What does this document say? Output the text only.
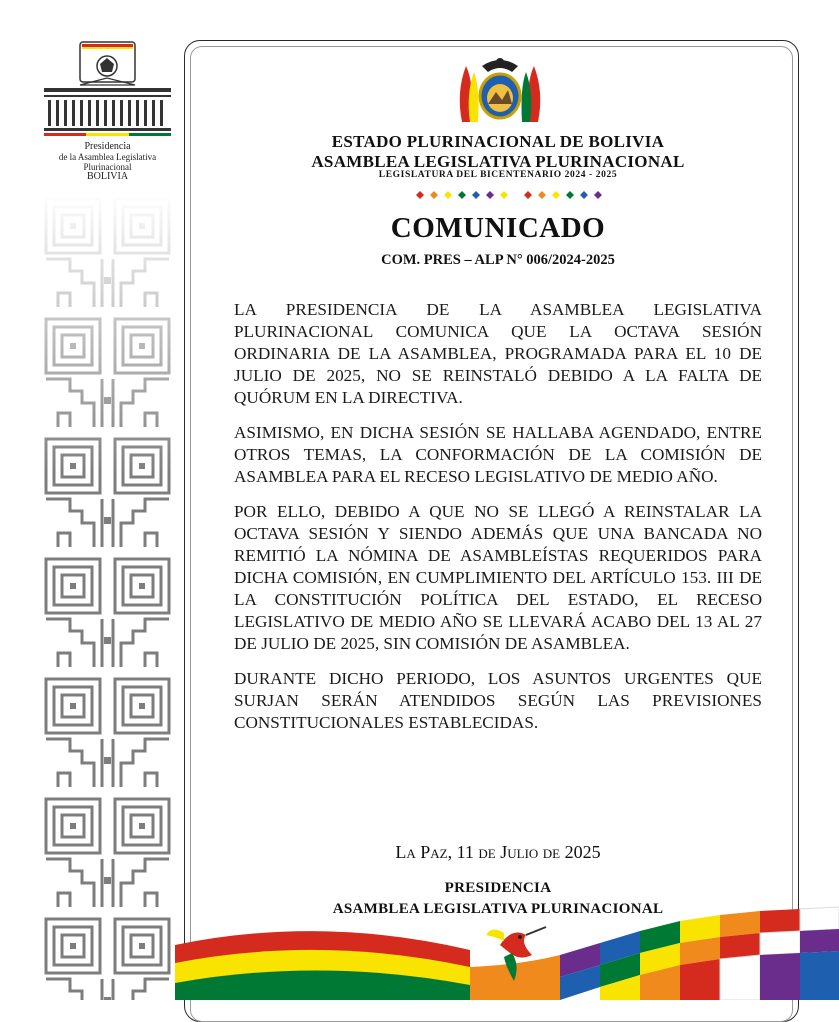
Presidencia
de la Asamblea Legislativa Plurinacional
BOLIVIA
ESTADO PLURINACIONAL DE BOLIVIA
ASAMBLEA LEGISLATIVA PLURINACIONAL
LEGISLATURA DEL BICENTENARIO 2024 - 2025
COMUNICADO
COM. PRES – ALP N° 006/2024-2025

LA PRESIDENCIA DE LA ASAMBLEA LEGISLATIVA PLURINACIONAL COMUNICA QUE LA OCTAVA SESIÓN ORDINARIA DE LA ASAMBLEA, PROGRAMADA PARA EL 10 DE JULIO DE 2025, NO SE REINSTALÓ DEBIDO A LA FALTA DE QUÓRUM EN LA DIRECTIVA.

ASIMISMO, EN DICHA SESIÓN SE HALLABA AGENDADO, ENTRE OTROS TEMAS, LA CONFORMACIÓN DE LA COMISIÓN DE ASAMBLEA PARA EL RECESO LEGISLATIVO DE MEDIO AÑO.

POR ELLO, DEBIDO A QUE NO SE LLEGÓ A REINSTALAR LA OCTAVA SESIÓN Y SIENDO ADEMÁS QUE UNA BANCADA NO REMITIÓ LA NÓMINA DE ASAMBLEÍSTAS REQUERIDOS PARA DICHA COMISIÓN, EN CUMPLIMIENTO DEL ARTÍCULO 153. III DE LA CONSTITUCIÓN POLÍTICA DEL ESTADO, EL RECESO LEGISLATIVO DE MEDIO AÑO SE LLEVARÁ ACABO DEL 13 AL 27 DE JULIO DE 2025, SIN COMISIÓN DE ASAMBLEA.

DURANTE DICHO PERIODO, LOS ASUNTOS URGENTES QUE SURJAN SERÁN ATENDIDOS SEGÚN LAS PREVISIONES CONSTITUCIONALES ESTABLECIDAS.

La Paz, 11 de Julio de 2025
PRESIDENCIA
ASAMBLEA LEGISLATIVA PLURINACIONAL
